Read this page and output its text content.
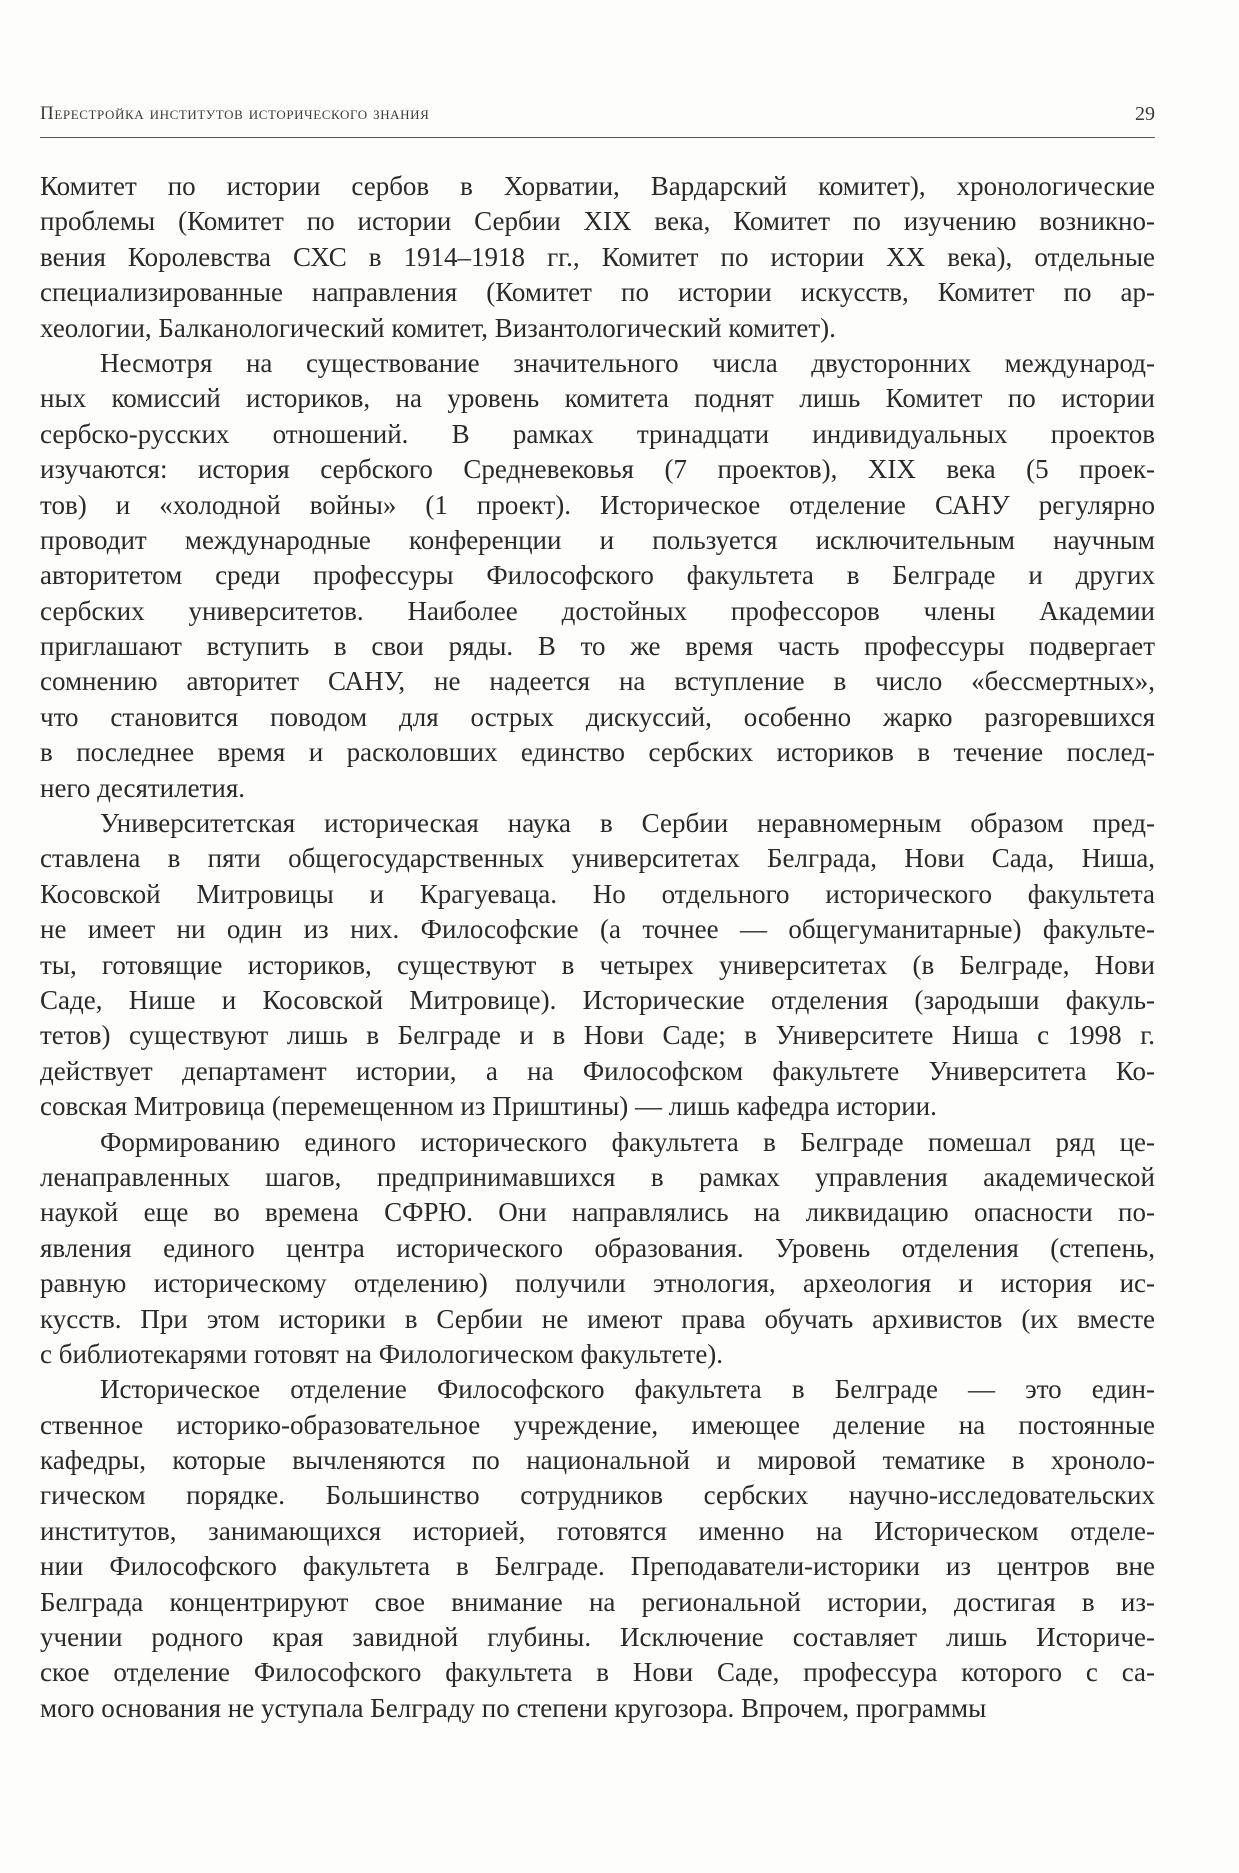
Перестройка институтов исторического знания	29
Комитет по истории сербов в Хорватии, Вардарский комитет), хронологические
проблемы (Комитет по истории Сербии XIX века, Комитет по изучению возникно-
вения Королевства СХС в 1914–1918 гг., Комитет по истории XX века), отдельные
специализированные направления (Комитет по истории искусств, Комитет по ар-
хеологии, Балканологический комитет, Византологический комитет).
Несмотря на существование значительного числа двусторонних международ-
ных комиссий историков, на уровень комитета поднят лишь Комитет по истории
сербско-русских отношений. В рамках тринадцати индивидуальных проектов
изучаются: история сербского Средневековья (7 проектов), XIX века (5 проек-
тов) и «холодной войны» (1 проект). Историческое отделение САНУ регулярно
проводит международные конференции и пользуется исключительным научным
авторитетом среди профессуры Философского факультета в Белграде и других
сербских университетов. Наиболее достойных профессоров члены Академии
приглашают вступить в свои ряды. В то же время часть профессуры подвергает
сомнению авторитет САНУ, не надеется на вступление в число «бессмертных»,
что становится поводом для острых дискуссий, особенно жарко разгоревшихся
в последнее время и расколовших единство сербских историков в течение послед-
него десятилетия.
Университетская историческая наука в Сербии неравномерным образом пред-
ставлена в пяти общегосударственных университетах Белграда, Нови Сада, Ниша,
Косовской Митровицы и Крагуеваца. Но отдельного исторического факультета
не имеет ни один из них. Философские (а точнее — общегуманитарные) факульте-
ты, готовящие историков, существуют в четырех университетах (в Белграде, Нови
Саде, Нише и Косовской Митровице). Исторические отделения (зародыши факуль-
тетов) существуют лишь в Белграде и в Нови Саде; в Университете Ниша с 1998 г.
действует департамент истории, а на Философском факультете Университета Ко-
совская Митровица (перемещенном из Приштины) — лишь кафедра истории.
Формированию единого исторического факультета в Белграде помешал ряд це-
ленаправленных шагов, предпринимавшихся в рамках управления академической
наукой еще во времена СФРЮ. Они направлялись на ликвидацию опасности по-
явления единого центра исторического образования. Уровень отделения (степень,
равную историческому отделению) получили этнология, археология и история ис-
кусств. При этом историки в Сербии не имеют права обучать архивистов (их вместе
с библиотекарями готовят на Филологическом факультете).
Историческое отделение Философского факультета в Белграде — это един-
ственное историко-образовательное учреждение, имеющее деление на постоянные
кафедры, которые вычленяются по национальной и мировой тематике в хроноло-
гическом порядке. Большинство сотрудников сербских научно-исследовательских
институтов, занимающихся историей, готовятся именно на Историческом отделе-
нии Философского факультета в Белграде. Преподаватели-историки из центров вне
Белграда концентрируют свое внимание на региональной истории, достигая в из-
учении родного края завидной глубины. Исключение составляет лишь Историче-
ское отделение Философского факультета в Нови Саде, профессура которого с са-
мого основания не уступала Белграду по степени кругозора. Впрочем, программы
